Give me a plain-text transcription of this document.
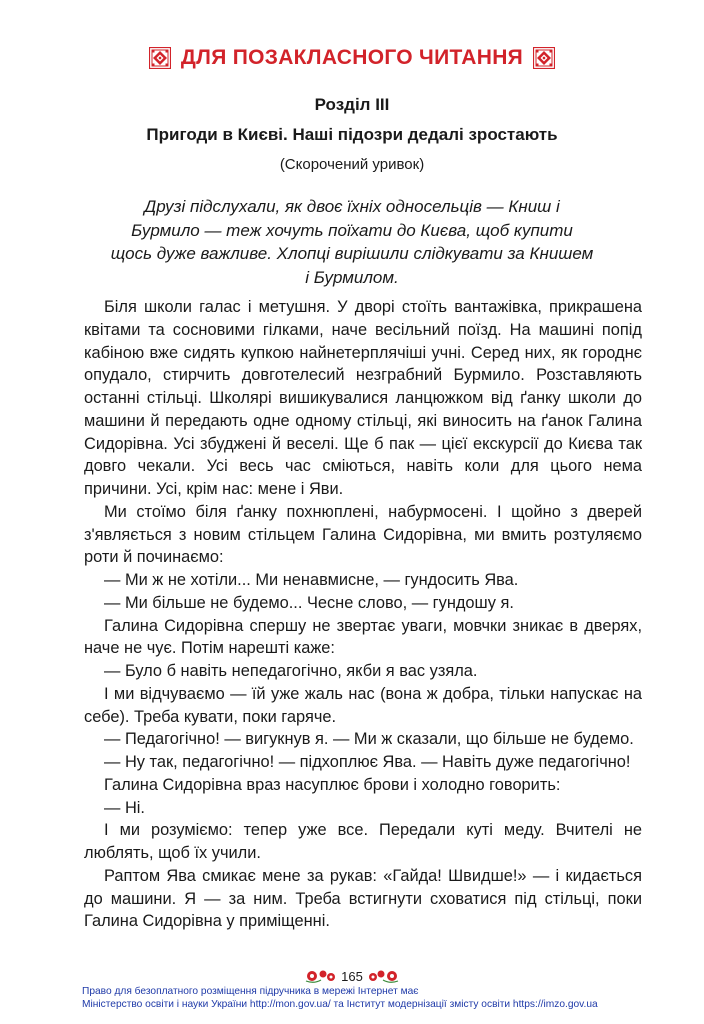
ДЛЯ ПОЗАКЛАСНОГО ЧИТАННЯ
Розділ ІІІ
Пригоди в Києві. Наші підозри дедалі зростають
(Скорочений уривок)
Друзі підслухали, як двоє їхніх односельців — Книш і Бурмило — теж хочуть поїхати до Києва, щоб купити щось дуже важливе. Хлопці вирішили слідкувати за Книшем і Бурмилом.

Біля школи галас і метушня. У дворі стоїть вантажівка, прикрашена квітами та сосновими гілками, наче весільний поїзд. На машині попід кабіною вже сидять купкою найнетерплячіші учні. Серед них, як городнє опудало, стирчить довготелесий незграбний Бурмило. Розставляють останні стільці. Школярі вишикувалися ланцюжком від ґанку школи до машини й передають одне одному стільці, які виносить на ґанок Галина Сидорівна. Усі збуджені й веселі. Ще б пак — цієї екскурсії до Києва так довго чекали. Усі весь час сміються, навіть коли для цього нема причини. Усі, крім нас: мене і Яви.

Ми стоїмо біля ґанку похнюплені, набурмосені. І щойно з дверей з'являється з новим стільцем Галина Сидорівна, ми вмить розтуляємо роти й починаємо:

— Ми ж не хотіли... Ми ненавмисне, — гундосить Ява.

— Ми більше не будемо... Чесне слово, — гундошу я.

Галина Сидорівна спершу не звертає уваги, мовчки зникає в дверях, наче не чує. Потім нарешті каже:

— Було б навіть непедагогічно, якби я вас узяла.

І ми відчуваємо — їй уже жаль нас (вона ж добра, тільки напускає на себе). Треба кувати, поки гаряче.

— Педагогічно! — вигукнув я. — Ми ж сказали, що більше не будемо.

— Ну так, педагогічно! — підхоплює Ява. — Навіть дуже педагогічно!

Галина Сидорівна враз насуплює брови і холодно говорить:

— Ні.

І ми розуміємо: тепер уже все. Передали куті меду. Вчителі не люблять, щоб їх учили.

Раптом Ява смикає мене за рукав: «Гайда! Швидше!» — і кидається до машини. Я — за ним. Треба встигнути сховатися під стільці, поки Галина Сидорівна у приміщенні.

165
Право для безоплатного розміщення підручника в мережі Інтернет має
Міністерство освіти і науки України http://mon.gov.ua/ та Інститут модернізації змісту освіти https://imzo.gov.ua
